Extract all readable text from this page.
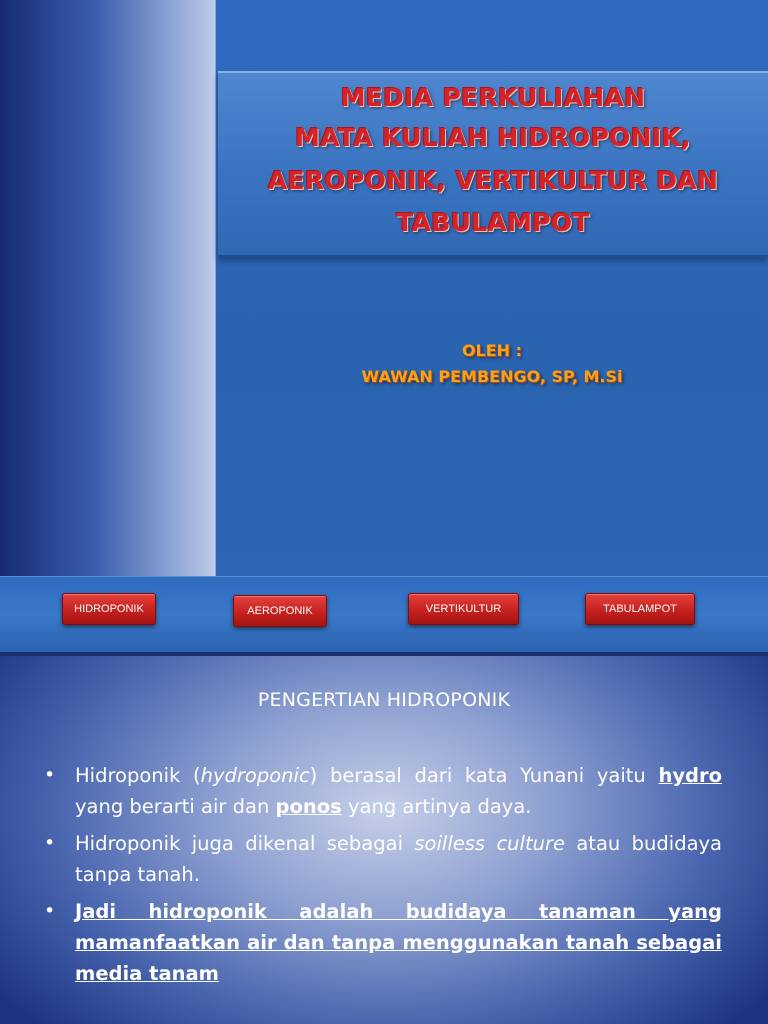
MEDIA PERKULIAHAN
MATA KULIAH HIDROPONIK,
AEROPONIK, VERTIKULTUR DAN
TABULAMPOT
OLEH :
WAWAN PEMBENGO, SP, M.Si
HIDROPONIK	AEROPONIK	VERTIKULTUR	TABULAMPOT
PENGERTIAN HIDROPONIK
• Hidroponik (hydroponic) berasal dari kata Yunani yaitu hydro yang berarti air dan ponos yang artinya daya.
• Hidroponik juga dikenal sebagai soilless culture atau budidaya tanpa tanah.
• Jadi hidroponik adalah budidaya tanaman yang mamanfaatkan air dan tanpa menggunakan tanah sebagai media tanam
